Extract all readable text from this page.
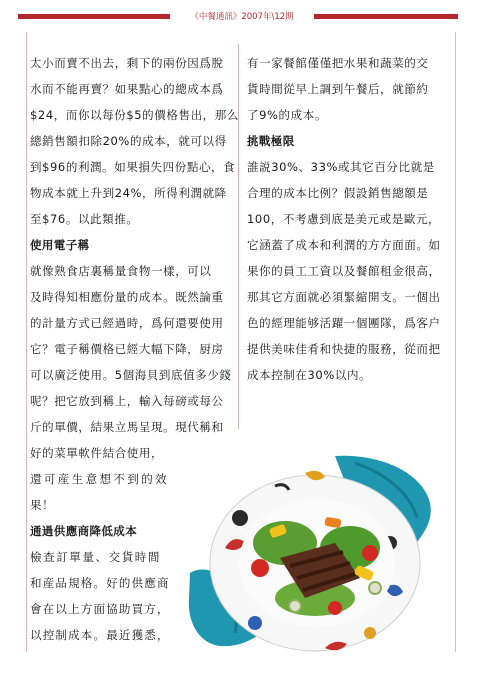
《中餐通訊》2007年\12期
太小而賣不出去，剩下的兩份因爲脫
水而不能再賣？如果點心的總成本爲
$24，而你以每份$5的價格售出，那么
總銷售額扣除20%的成本，就可以得
到$96的利潤。如果損失四份點心，食
物成本就上升到24%，所得利潤就降
至$76。以此類推。
使用電子稱
就像熟食店裏稱量食物一樣，可以
及時得知相應份量的成本。既然論重
的計量方式已經過時，爲何還要使用
它？電子稱價格已經大幅下降，厨房
可以廣泛使用。5個海貝到底值多少錢
呢？把它放到稱上，輸入每磅或每公
斤的單價，結果立馬呈現。現代稱和
好的菜單軟件結合使用，
還可産生意想不到的效
果！
通過供應商降低成本
檢查訂單量、交貨時間
和産品規格。好的供應商
會在以上方面協助買方，
以控制成本。最近獲悉，
有一家餐館僅僅把水果和蔬菜的交
貨時間從早上調到午餐后，就節約
了9%的成本。
挑戰極限
誰説30%、33%或其它百分比就是
合理的成本比例？假設銷售總額是
100，不考慮到底是美元或是歐元，
它涵蓋了成本和利潤的方方面面。如
果你的員工工資以及餐館租金很高，
那其它方面就必須緊縮開支。一個出
色的經理能够活躍一個團隊，爲客户
提供美味佳肴和快捷的服務，從而把
成本控制在30%以内。
